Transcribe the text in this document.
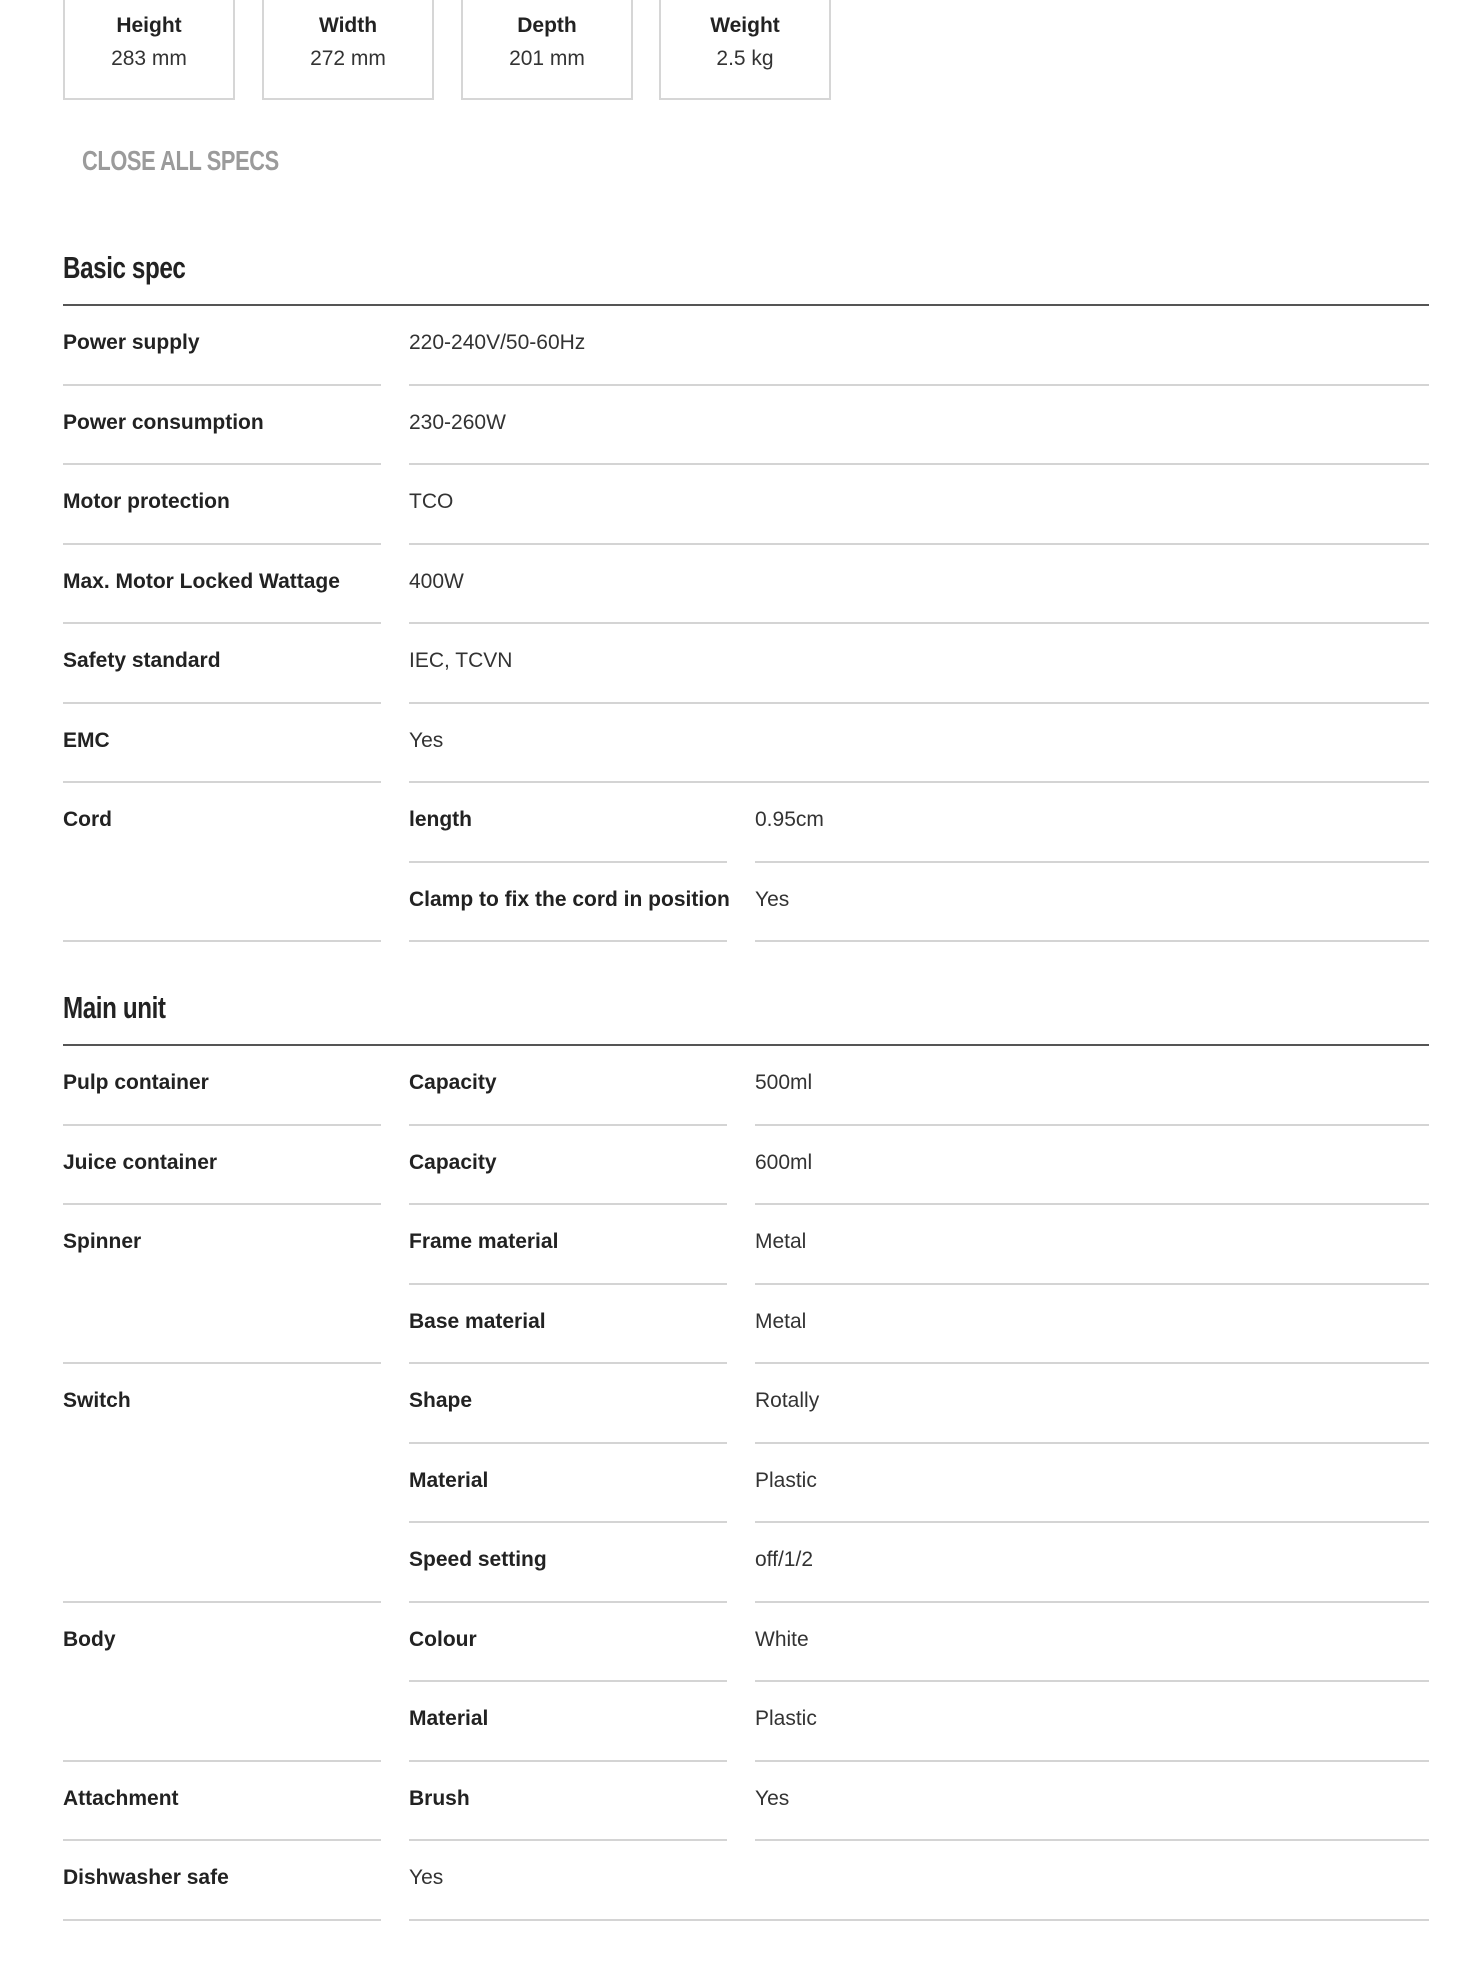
Height
283 mm
Width
272 mm
Depth
201 mm
Weight
2.5 kg
CLOSE ALL SPECS
Basic spec
Power supply	220-240V/50-60Hz
Power consumption	230-260W
Motor protection	TCO
Max. Motor Locked Wattage	400W
Safety standard	IEC, TCVN
EMC	Yes
Cord	length	0.95cm
Clamp to fix the cord in position Yes
Main unit
Pulp container	Capacity	500ml
Juice container	Capacity	600ml
Spinner	Frame material	Metal
Base material	Metal
Switch	Shape	Rotally
Material	Plastic
Speed setting	off/1/2
Body	Colour	White
Material	Plastic
Attachment	Brush	Yes
Dishwasher safe	Yes
